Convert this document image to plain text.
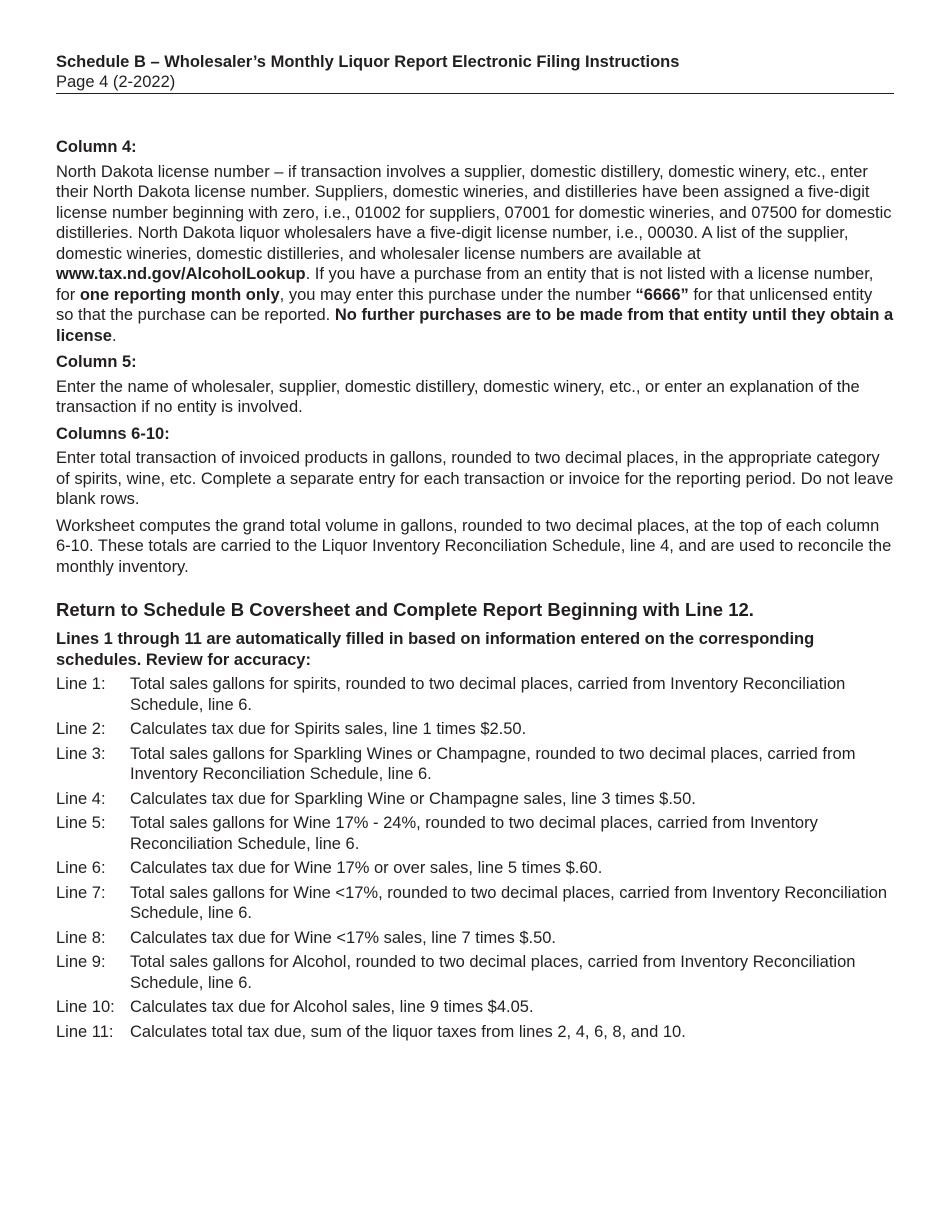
Schedule B – Wholesaler’s Monthly Liquor Report Electronic Filing Instructions
Page 4 (2-2022)
Column 4:

North Dakota license number – if transaction involves a supplier, domestic distillery, domestic winery, etc., enter their North Dakota license number. Suppliers, domestic wineries, and distilleries have been assigned a five-digit license number beginning with zero, i.e., 01002 for suppliers, 07001 for domestic wineries, and 07500 for domestic distilleries. North Dakota liquor wholesalers have a five-digit license number, i.e., 00030. A list of the supplier, domestic wineries, domestic distilleries, and wholesaler license numbers are available at www.tax.nd.gov/AlcoholLookup. If you have a purchase from an entity that is not listed with a license number, for one reporting month only, you may enter this purchase under the number “6666” for that unlicensed entity so that the purchase can be reported. No further purchases are to be made from that entity until they obtain a license.

Column 5:

Enter the name of wholesaler, supplier, domestic distillery, domestic winery, etc., or enter an explanation of the transaction if no entity is involved.

Columns 6-10:

Enter total transaction of invoiced products in gallons, rounded to two decimal places, in the appropriate category of spirits, wine, etc. Complete a separate entry for each transaction or invoice for the reporting period. Do not leave blank rows.

Worksheet computes the grand total volume in gallons, rounded to two decimal places, at the top of each column 6-10. These totals are carried to the Liquor Inventory Reconciliation Schedule, line 4, and are used to reconcile the monthly inventory.

Return to Schedule B Coversheet and Complete Report Beginning with Line 12.
Lines 1 through 11 are automatically filled in based on information entered on the corresponding schedules. Review for accuracy:
Line 1:	Total sales gallons for spirits, rounded to two decimal places, carried from Inventory Reconciliation Schedule, line 6.
Line 2:	Calculates tax due for Spirits sales, line 1 times $2.50.
Line 3:	Total sales gallons for Sparkling Wines or Champagne, rounded to two decimal places, carried from Inventory Reconciliation Schedule, line 6.
Line 4:	Calculates tax due for Sparkling Wine or Champagne sales, line 3 times $.50.
Line 5:	Total sales gallons for Wine 17% - 24%, rounded to two decimal places, carried from Inventory Reconciliation Schedule, line 6.
Line 6:	Calculates tax due for Wine 17% or over sales, line 5 times $.60.
Line 7:	Total sales gallons for Wine <17%, rounded to two decimal places, carried from Inventory Reconciliation Schedule, line 6.
Line 8:	Calculates tax due for Wine <17% sales, line 7 times $.50.
Line 9:	Total sales gallons for Alcohol, rounded to two decimal places, carried from Inventory Reconciliation Schedule, line 6.
Line 10: Calculates tax due for Alcohol sales, line 9 times $4.05.
Line 11:	Calculates total tax due, sum of the liquor taxes from lines 2, 4, 6, 8, and 10.
